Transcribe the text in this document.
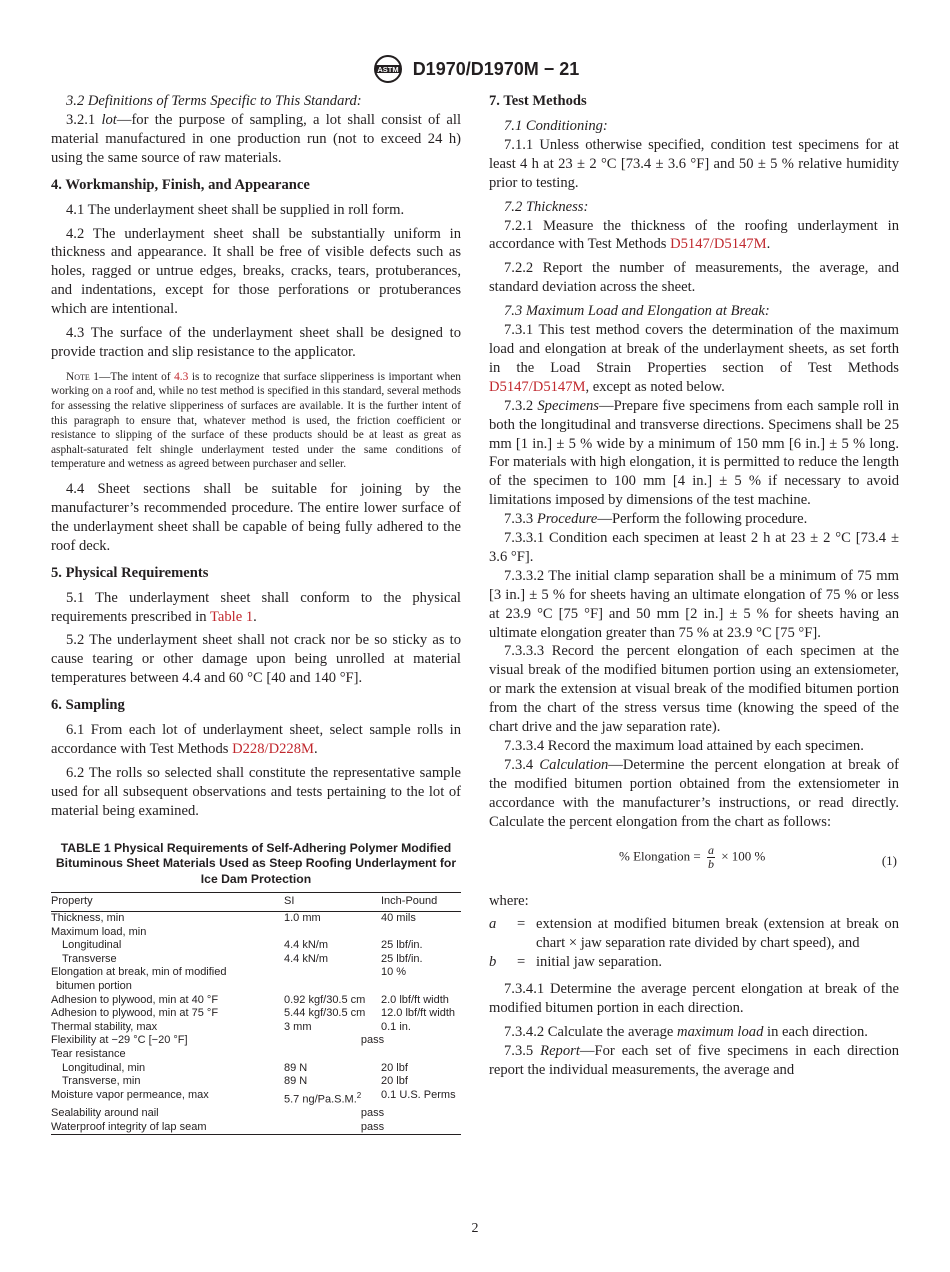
ASTM D1970/D1970M − 21

3.2 Definitions of Terms Specific to This Standard:

3.2.1 lot—for the purpose of sampling, a lot shall consist of all material manufactured in one production run (not to exceed 24 h) using the same source of raw materials.

4. Workmanship, Finish, and Appearance

4.1 The underlayment sheet shall be supplied in roll form.

4.2 The underlayment sheet shall be substantially uniform in thickness and appearance. It shall be free of visible defects such as holes, ragged or untrue edges, breaks, cracks, tears, protuberances, and indentations, except for those perforations or protuberances which are intentional.

4.3 The surface of the underlayment sheet shall be designed to provide traction and slip resistance to the applicator.

Note 1—The intent of 4.3 is to recognize that surface slipperiness is important when working on a roof and, while no test method is specified in this standard, several methods for assessing the relative slipperiness of surfaces are available. It is the further intent of this paragraph to ensure that, whatever method is used, the friction coefficient or resistance to slipping of the surface of these products should be at least as great as asphalt-saturated felt shingle underlayment tested under the same conditions of temperature and wetness as agreed between purchaser and seller.

4.4 Sheet sections shall be suitable for joining by the manufacturer’s recommended procedure. The entire lower surface of the underlayment sheet shall be capable of being fully adhered to the roof deck.

5. Physical Requirements

5.1 The underlayment sheet shall conform to the physical requirements prescribed in Table 1.

5.2 The underlayment sheet shall not crack nor be so sticky as to cause tearing or other damage upon being unrolled at material temperatures between 4.4 and 60 °C [40 and 140 °F].

6. Sampling

6.1 From each lot of underlayment sheet, select sample rolls in accordance with Test Methods D228/D228M.

6.2 The rolls so selected shall constitute the representative sample used for all subsequent observations and tests pertaining to the lot of material being examined.

TABLE 1 Physical Requirements of Self-Adhering Polymer Modified Bituminous Sheet Materials Used as Steep Roofing Underlayment for Ice Dam Protection
Property	SI	Inch-Pound
Thickness, min	1.0 mm	40 mils
Maximum load, min		
Longitudinal	4.4 kN/m	25 lbf/in.
Transverse	4.4 kN/m	25 lbf/in.
Elongation at break, min of modified		10 %
bitumen portion		
Adhesion to plywood, min at 40 °F	0.92 kgf/30.5 cm	2.0 lbf/ft width
Adhesion to plywood, min at 75 °F	5.44 kgf/30.5 cm	12.0 lbf/ft width
Thermal stability, max	3 mm	0.1 in.
Flexibility at −29 °C [−20 °F]	pass	
Tear resistance		
Longitudinal, min	89 N	20 lbf
Transverse, min	89 N	20 lbf
Moisture vapor permeance, max	5.7 ng/Pa.S.M.$^2$	0.1 U.S. Perms
Sealability around nail	pass	
Waterproof integrity of lap seam	pass	
7. Test Methods

7.1 Conditioning:

7.1.1 Unless otherwise specified, condition test specimens for at least 4 h at 23 ± 2 °C [73.4 ± 3.6 °F] and 50 ± 5 % relative humidity prior to testing.

7.2 Thickness:

7.2.1 Measure the thickness of the roofing underlayment in accordance with Test Methods D5147/D5147M.

7.2.2 Report the number of measurements, the average, and standard deviation across the sheet.

7.3 Maximum Load and Elongation at Break:

7.3.1 This test method covers the determination of the maximum load and elongation at break of the underlayment sheets, as set forth in the Load Strain Properties section of Test Methods D5147/D5147M, except as noted below.

7.3.2 Specimens—Prepare five specimens from each sample roll in both the longitudinal and transverse directions. Specimens shall be 25 mm [1 in.] ± 5 % wide by a minimum of 150 mm [6 in.] ± 5 % long. For materials with high elongation, it is permitted to reduce the length of the specimen to 100 mm [4 in.] ± 5 % if necessary to avoid limitations imposed by dimensions of the test machine.

7.3.3 Procedure—Perform the following procedure.

7.3.3.1 Condition each specimen at least 2 h at 23 ± 2 °C [73.4 ± 3.6 °F].

7.3.3.2 The initial clamp separation shall be a minimum of 75 mm [3 in.] ± 5 % for sheets having an ultimate elongation of 75 % or less at 23.9 °C [75 °F] and 50 mm [2 in.] ± 5 % for sheets having an ultimate elongation greater than 75 % at 23.9 °C [75 °F].

7.3.3.3 Record the percent elongation of each specimen at the visual break of the modified bitumen portion using an extensiometer, or mark the extension at visual break of the modified bitumen portion from the chart of the stress versus time (knowing the speed of the chart drive and the jaw separation rate).

7.3.3.4 Record the maximum load attained by each specimen.

7.3.4 Calculation—Determine the percent elongation at break of the modified bitumen portion obtained from the extensiometer in accordance with the manufacturer’s instructions, or read directly. Calculate the percent elongation from the chart as follows:

% Elongation = $\frac{a}{b} \times 100$ %	(1)

where:

a	= extension at modified bitumen break (extension at break on chart × jaw separation rate divided by chart speed), and
b	= initial jaw separation.

7.3.4.1 Determine the average percent elongation at break of the modified bitumen portion in each direction.

7.3.4.2 Calculate the average maximum load in each direction.

7.3.5 Report—For each set of five specimens in each direction report the individual measurements, the average and

2
